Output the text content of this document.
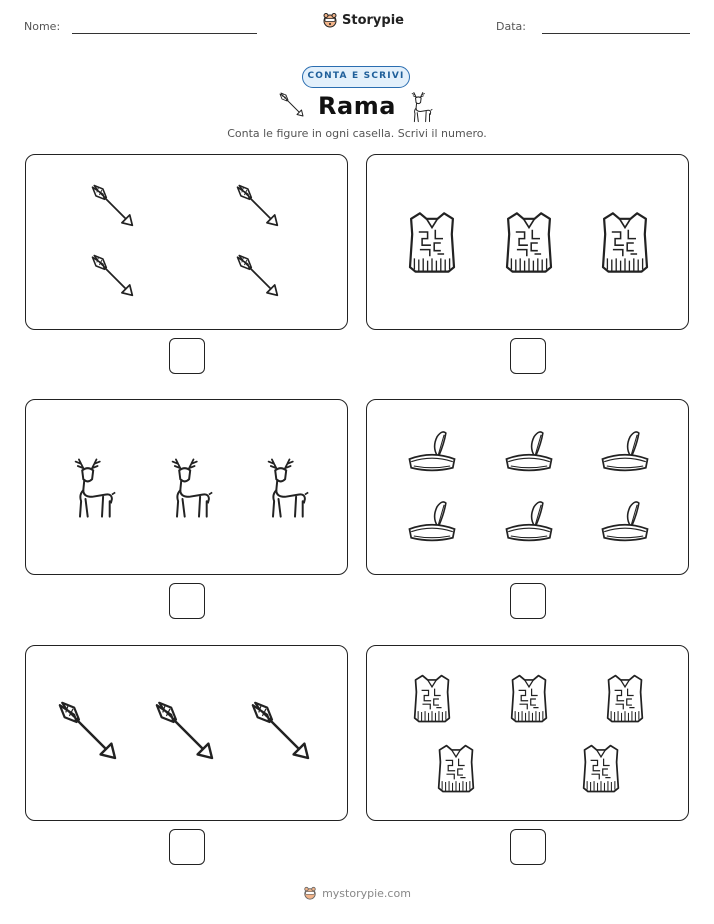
Nome:	Storypie	Data:
CONTA E SCRIVI
Rama
Conta le figure in ogni casella. Scrivi il numero.
mystorypie.com
